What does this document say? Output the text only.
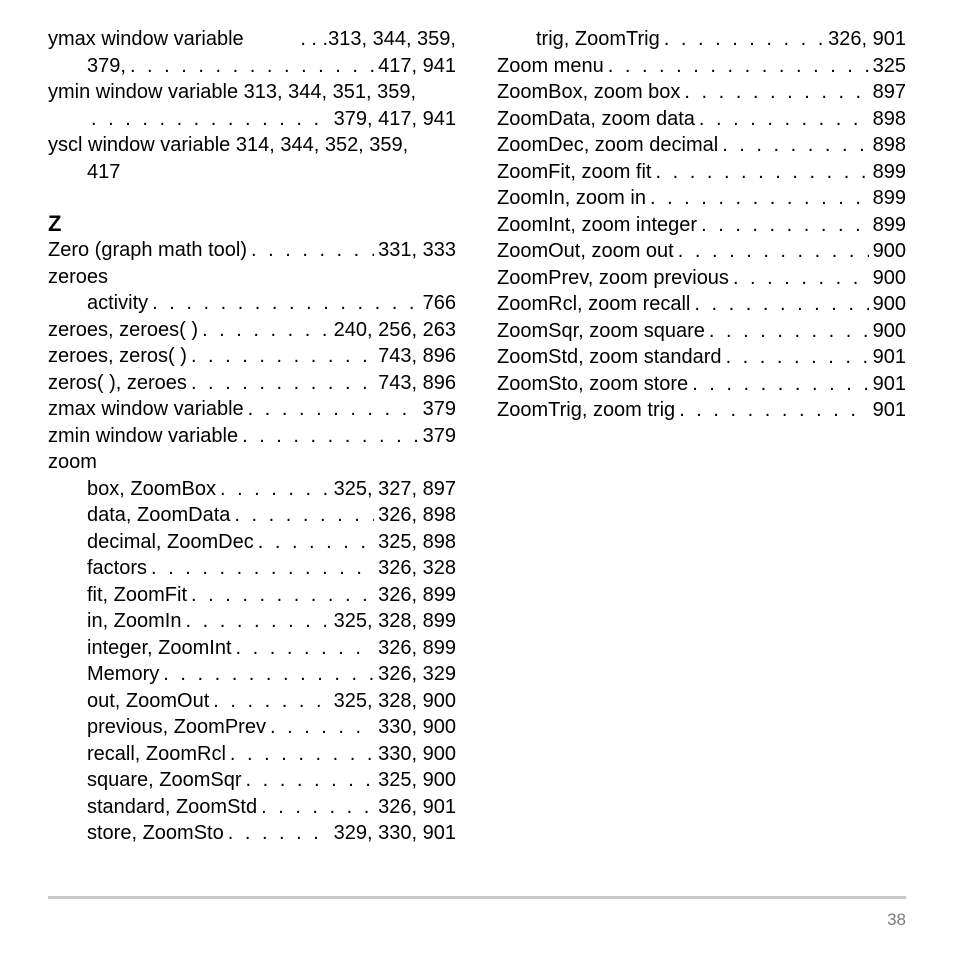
ymax window variable	. . .313, 344, 359,
379, . . .	417, 941
ymin window variable 313, 344, 351, 359,
. . .
379, 417, 941
yscl window variable 314, 344, 352, 359,
417
Z
Zero (graph math tool) . . .	331, 333
zeroes
activity . . .	766
zeroes, zeroes( ) . . .	240, 256, 263
zeroes, zeros( ) . . .	743, 896
zeros( ), zeroes . . .	743, 896
zmax window variable . . .	379
zmin window variable . . .	379
zoom
box, ZoomBox . . .	325, 327, 897
data, ZoomData . . .	326, 898
decimal, ZoomDec . . .	325, 898
factors . . .	326, 328
fit, ZoomFit . . .	326, 899
in, ZoomIn . . .	325, 328, 899
integer, ZoomInt . . .	326, 899
Memory . . .	326, 329
out, ZoomOut . . .	325, 328, 900
previous, ZoomPrev . . .	330, 900
recall, ZoomRcl . . .	330, 900
square, ZoomSqr . . .	325, 900
standard, ZoomStd . . .	326, 901
store, ZoomSto . . .	329, 330, 901
trig, ZoomTrig . . .	326, 901
Zoom menu . . .	325
ZoomBox, zoom box . . .	897
ZoomData, zoom data . . .	898
ZoomDec, zoom decimal . . .	898
ZoomFit, zoom fit . . .	899
ZoomIn, zoom in . . .	899
ZoomInt, zoom integer . . .	899
ZoomOut, zoom out . . .	900
ZoomPrev, zoom previous . . .	900
ZoomRcl, zoom recall . . .	900
ZoomSqr, zoom square . . .	900
ZoomStd, zoom standard . . .	901
ZoomSto, zoom store . . .	901
ZoomTrig, zoom trig . . .	901
38
